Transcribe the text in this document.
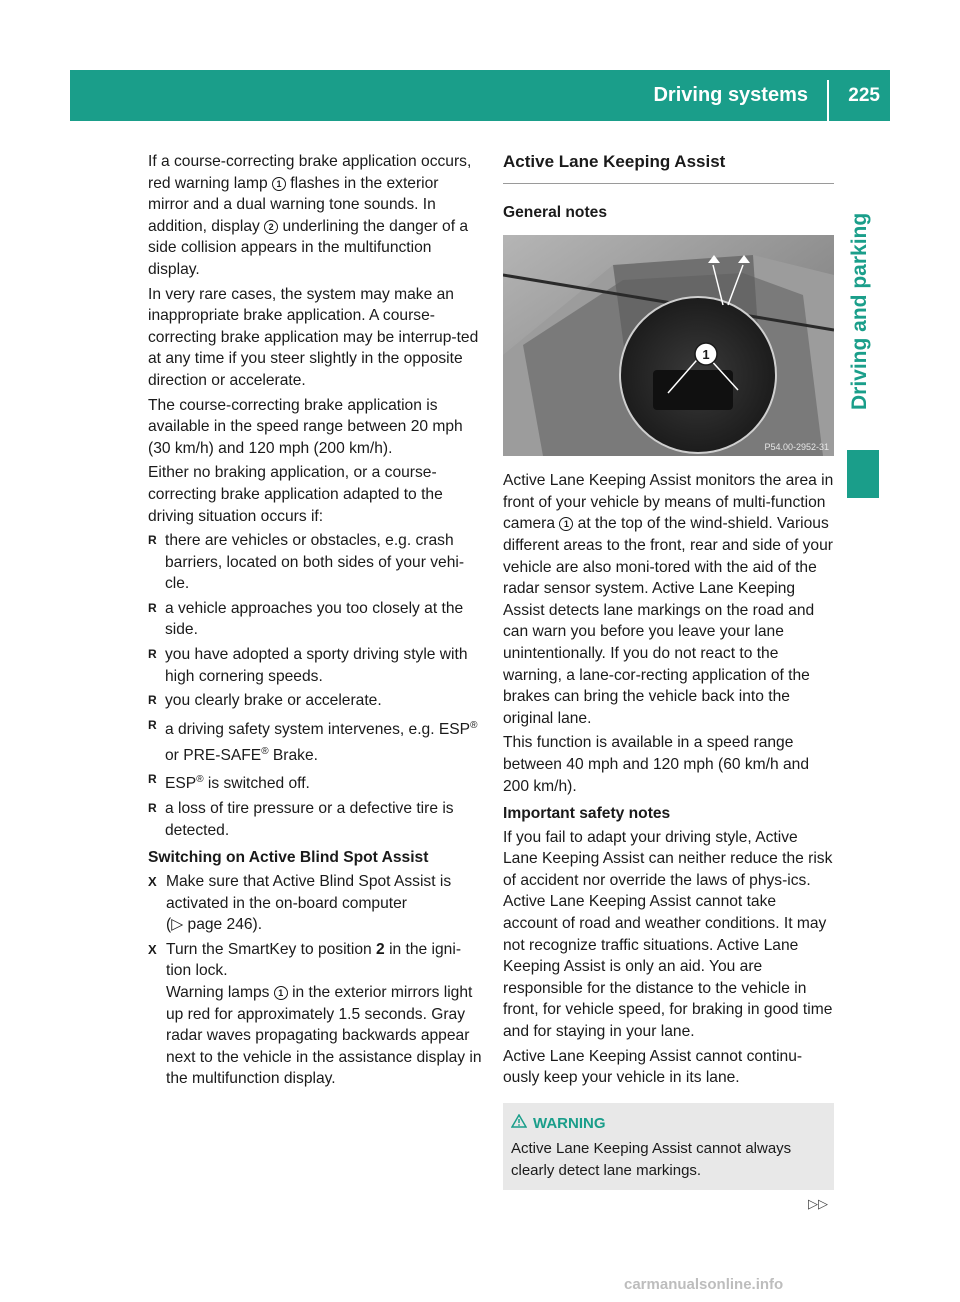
Driving systems	225
Driving and parking

If a course-correcting brake application occurs, red warning lamp 1 flashes in the exterior mirror and a dual warning tone sounds. In addition, display 2 underlining the danger of a side collision appears in the multifunction display.

In very rare cases, the system may make an inappropriate brake application. A course-correcting brake application may be interrup-ted at any time if you steer slightly in the opposite direction or accelerate.

The course-correcting brake application is available in the speed range between 20 mph (30 km/h) and 120 mph (200 km/h).

Either no braking application, or a course-correcting brake application adapted to the driving situation occurs if:

R there are vehicles or obstacles, e.g. crash barriers, located on both sides of your vehi-cle.
R a vehicle approaches you too closely at the side.
R you have adopted a sporty driving style with high cornering speeds.
R you clearly brake or accelerate.
R a driving safety system intervenes, e.g. ESP® or PRE-SAFE® Brake.
R ESP® is switched off.
R a loss of tire pressure or a defective tire is detected.
Switching on Active Blind Spot Assist
X Make sure that Active Blind Spot Assist is activated in the on-board computer
(▷ page 246).
X Turn the SmartKey to position 2 in the igni-tion lock.
Warning lamps 1 in the exterior mirrors light up red for approximately 1.5 seconds. Gray radar waves propagating backwards appear next to the vehicle in the assistance display in the multifunction display.
Active Lane Keeping Assist
General notes
1
P54.00-2952-31

Active Lane Keeping Assist monitors the area in front of your vehicle by means of multi-function camera 1 at the top of the wind-shield. Various different areas to the front, rear and side of your vehicle are also moni-tored with the aid of the radar sensor system. Active Lane Keeping Assist detects lane markings on the road and can warn you before you leave your lane unintentionally. If you do not react to the warning, a lane-cor-recting application of the brakes can bring the vehicle back into the original lane.

This function is available in a speed range between 40 mph and 120 mph (60 km/h and 200 km/h).

Important safety notes

If you fail to adapt your driving style, Active Lane Keeping Assist can neither reduce the risk of accident nor override the laws of phys-ics. Active Lane Keeping Assist cannot take account of road and weather conditions. It may not recognize traffic situations. Active Lane Keeping Assist is only an aid. You are responsible for the distance to the vehicle in front, for vehicle speed, for braking in good time and for staying in your lane.

Active Lane Keeping Assist cannot continu-ously keep your vehicle in its lane.

WARNING
Active Lane Keeping Assist cannot always clearly detect lane markings.
▷▷
carmanualsonline.info
